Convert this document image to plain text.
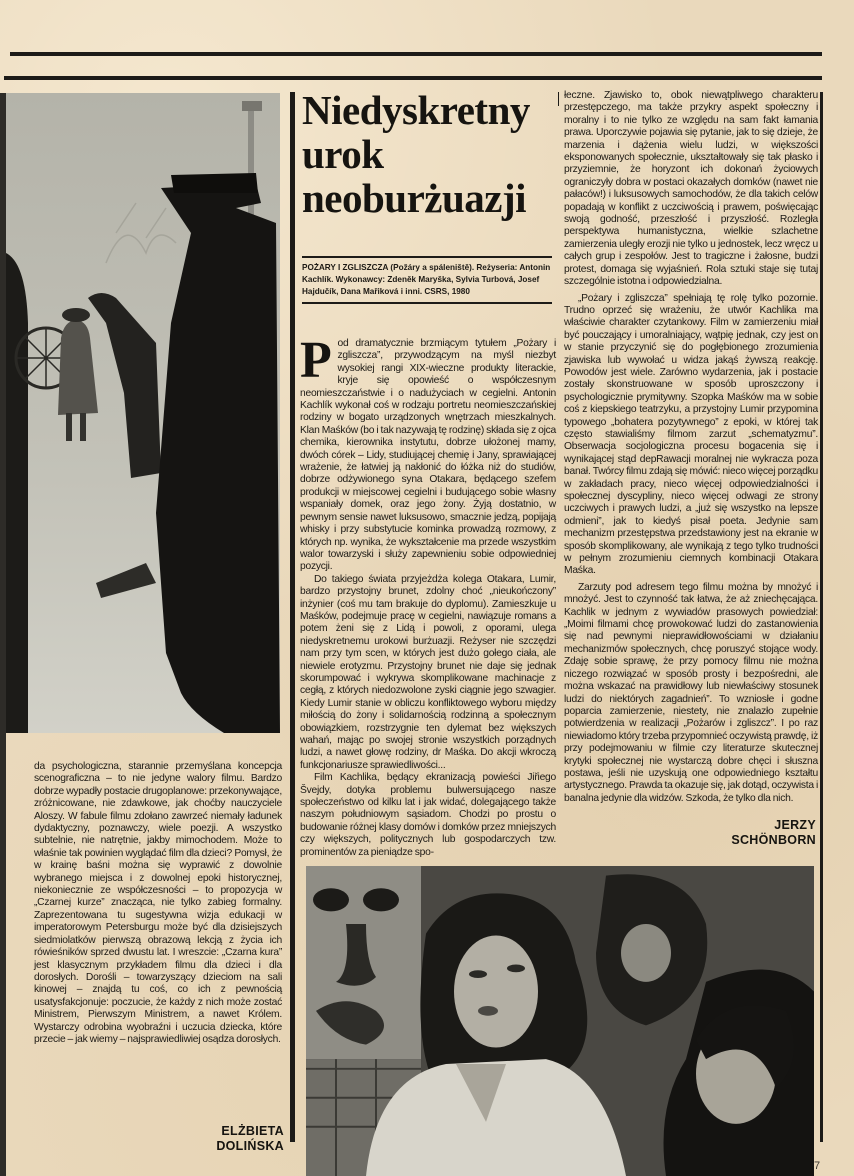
Niedyskretny
urok
neoburżuazji
POŻARY I ZGLISZCZA (Požáry a spáleniště). Reżyseria: Antonin Kachlík. Wykonawcy: Zdeněk Maryška, Sylvia Turbová, Josef Hajdučík, Dana Mařiková i inni. CSRS, 1980

Pod dramatycznie brzmiącym tytułem „Pożary i zgliszcza”, przywodzącym na myśl niezbyt wysokiej rangi XIX-wieczne produkty literackie, kryje się opowieść o współczesnym neomieszczaństwie i o nadużyciach w cegielni. Antonin Kachlík wykonał coś w rodzaju portretu neomieszczańskiej rodziny w bogato urządzonych wnętrzach mieszkalnych. Klan Maśków (bo i tak nazywają tę rodzinę) składa się z ojca chemika, kierownika instytutu, dobrze ułożonej mamy, dwóch córek – Lidy, studiującej chemię i Jany, sprawiającej wrażenie, że łatwiej ją nakłonić do łóżka niż do studiów, dobrze odżywionego syna Otakara, będącego szefem produkcji w miejscowej cegielni i budującego sobie własny wspaniały domek, oraz jego żony. Żyją dostatnio, w pewnym sensie nawet luksusowo, smacznie jedzą, popijają whisky i przy substytucie kominka prowadzą rozmowy, z których np. wynika, że wykształcenie ma przede wszystkim walor towarzyski i służy zapewnieniu sobie odpowiedniej pozycji.

Do takiego świata przyjeżdża kolega Otakara, Lumir, bardzo przystojny brunet, zdolny choć „nieukończony” inżynier (coś mu tam brakuje do dyplomu). Zamieszkuje u Maśków, podejmuje pracę w cegielni, nawiązuje romans a potem żeni się z Lidą i powoli, z oporami, ulega niedyskretnemu urokowi burżuazji. Reżyser nie szczędzi nam przy tym scen, w których jest dużo gołego ciała, ale niewiele erotyzmu. Przystojny brunet nie daje się jednak skorumpować i wykrywa skomplikowane machinacje z cegłą, z których niedozwolone zyski ciągnie jego szwagier. Kiedy Lumir stanie w obliczu konfliktowego wyboru między miłością do żony i solidarnością rodzinną a społecznym obowiązkiem, rozstrzygnie ten dylemat bez większych wahań, mając po swojej stronie wszystkich porządnych ludzi, a nawet głowę rodziny, dr Maśka. Do akcji wkroczą funkcjonariusze sprawiedliwości...

Film Kachlika, będący ekranizacją powieści Jiřiego Švejdy, dotyka problemu bulwersującego nasze społeczeństwo od kilku lat i jak widać, dolegającego także naszym południowym sąsiadom. Chodzi po prostu o budowanie różnej klasy domów i domków przez mniejszych czy większych, politycznych lub gospodarczych tzw. prominentów za pieniądze spo-

łeczne. Zjawisko to, obok niewątpliwego charakteru przestępczego, ma także przykry aspekt społeczny i moralny i to nie tylko ze względu na sam fakt łamania prawa. Uporczywie pojawia się pytanie, jak to się dzieje, że marzenia i dążenia wielu ludzi, w większości eksponowanych społecznie, ukształtowały się tak płasko i przyziemnie, że horyzont ich dokonań życiowych ograniczyły dobra w postaci okazałych domków (nawet nie pałaców!) i luksusowych samochodów, że dla takich celów popadają w konflikt z uczciwością i prawem, poświęcając swoją godność, przeszłość i przyszłość. Rozległa perspektywa humanistyczna, wielkie szlachetne zamierzenia uległy erozji nie tylko u jednostek, lecz wręcz u całych grup i zespołów. Jest to tragiczne i żałosne, budzi protest, domaga się wyjaśnień. Rola sztuki staje się tutaj szczególnie istotna i odpowiedzialna.

„Pożary i zgliszcza” spełniają tę rolę tylko pozornie. Trudno oprzeć się wrażeniu, że utwór Kachlika ma właściwie charakter czytankowy. Film w zamierzeniu miał być pouczający i umoralniający, wątpię jednak, czy jest on w stanie przyczynić się do pogłębionego zrozumienia zjawiska lub wywołać u widza jakąś żywszą reakcję. Powodów jest wiele. Zarówno wydarzenia, jak i postacie zostały skonstruowane w sposób uproszczony i psychologicznie prymitywny. Szopka Maśków ma w sobie coś z kiepskiego teatrzyku, a przystojny Lumir przypomina typowego „bohatera pozytywnego” z epoki, w której tak często stawialiśmy filmom zarzut „schematyzmu”. Obserwacja socjologiczna procesu bogacenia się i wynikającej stąd depRawacji moralnej nie wykracza poza banał. Twórcy filmu zdają się mówić: nieco więcej porządku w zakładach pracy, nieco więcej odpowiedzialności i społecznej dyscypliny, nieco więcej odwagi ze strony uczciwych i prawych ludzi, a „już się wszystko na lepsze odmieni”, jak to kiedyś pisał poeta. Jedynie sam mechanizm przestępstwa przedstawiony jest na ekranie w sposób skomplikowany, ale wynikają z tego tylko trudności w pełnym zrozumieniu ciemnych kombinacji Otakara Maśka.

Zarzuty pod adresem tego filmu można by mnożyć i mnożyć. Jest to czynność tak łatwa, że aż zniechęcająca. Kachlik w jednym z wywiadów prasowych powiedział: „Moimi filmami chcę prowokować ludzi do zastanowienia się nad pewnymi nieprawidłowościami w działaniu mechanizmów społecznych, chcę poruszyć stojące wody. Zdaję sobie sprawę, że przy pomocy filmu nie można niczego rozwiązać w sposób prosty i bezpośredni, ale można wskazać na prawidłowy lub niewłaściwy stosunek ludzi do niektórych zagadnień”. To wzniosłe i godne poparcia zamierzenie, niestety, nie znalazło zupełnie potwierdzenia w realizacji „Pożarów i zgliszcz”. I po raz niewiadomo który trzeba przypomnieć oczywistą prawdę, iż przy podejmowaniu w filmie czy literaturze skutecznej krytyki społecznej nie wystarczą dobre chęci i słuszna postawa, jeśli nie uzyskują one odpowiedniego kształtu artystycznego. Prawda ta okazuje się, jak dotąd, oczywista i banalna jedynie dla widzów. Szkoda, że tylko dla nich.

JERZY
SCHÖNBORN

da psychologiczna, starannie przemyślana koncepcja scenograficzna – to nie jedyne walory filmu. Bardzo dobrze wypadły postacie drugoplanowe: przekonywające, zróżnicowane, nie zdawkowe, jak choćby nauczyciele Aloszy. W fabule filmu zdołano zawrzeć niemały ładunek dydaktyczny, poznawczy, wiele poezji. A wszystko subtelnie, nie natrętnie, jakby mimochodem. Może to właśnie tak powinien wyglądać film dla dzieci? Pomysł, że w krainę baśni można się wyprawić z dowolnie wybranego miejsca i z dowolnej epoki historycznej, niekoniecznie ze współczesności – to propozycja w „Czarnej kurze” znacząca, nie tylko zabieg formalny. Zaprezentowana tu sugestywna wizja edukacji w imperatorowym Petersburgu może być dla dzisiejszych siedmiolatków pierwszą obrazową lekcją z życia ich rówieśników sprzed dwustu lat. I wreszcie: „Czarna kura” jest klasycznym przykładem filmu dla dzieci i dla dorosłych. Dorośli – towarzyszący dzieciom na sali kinowej – znajdą tu coś, co ich z pewnością usatysfakcjonuje: poczucie, że każdy z nich może zostać Ministrem, Pierwszym Ministrem, a nawet Królem. Wystarczy odrobina wyobraźni i uczucia dziecka, które przecie – jak wiemy – najsprawiedliwiej osądza dorosłych.

ELŻBIETA
DOLIŃSKA
7
